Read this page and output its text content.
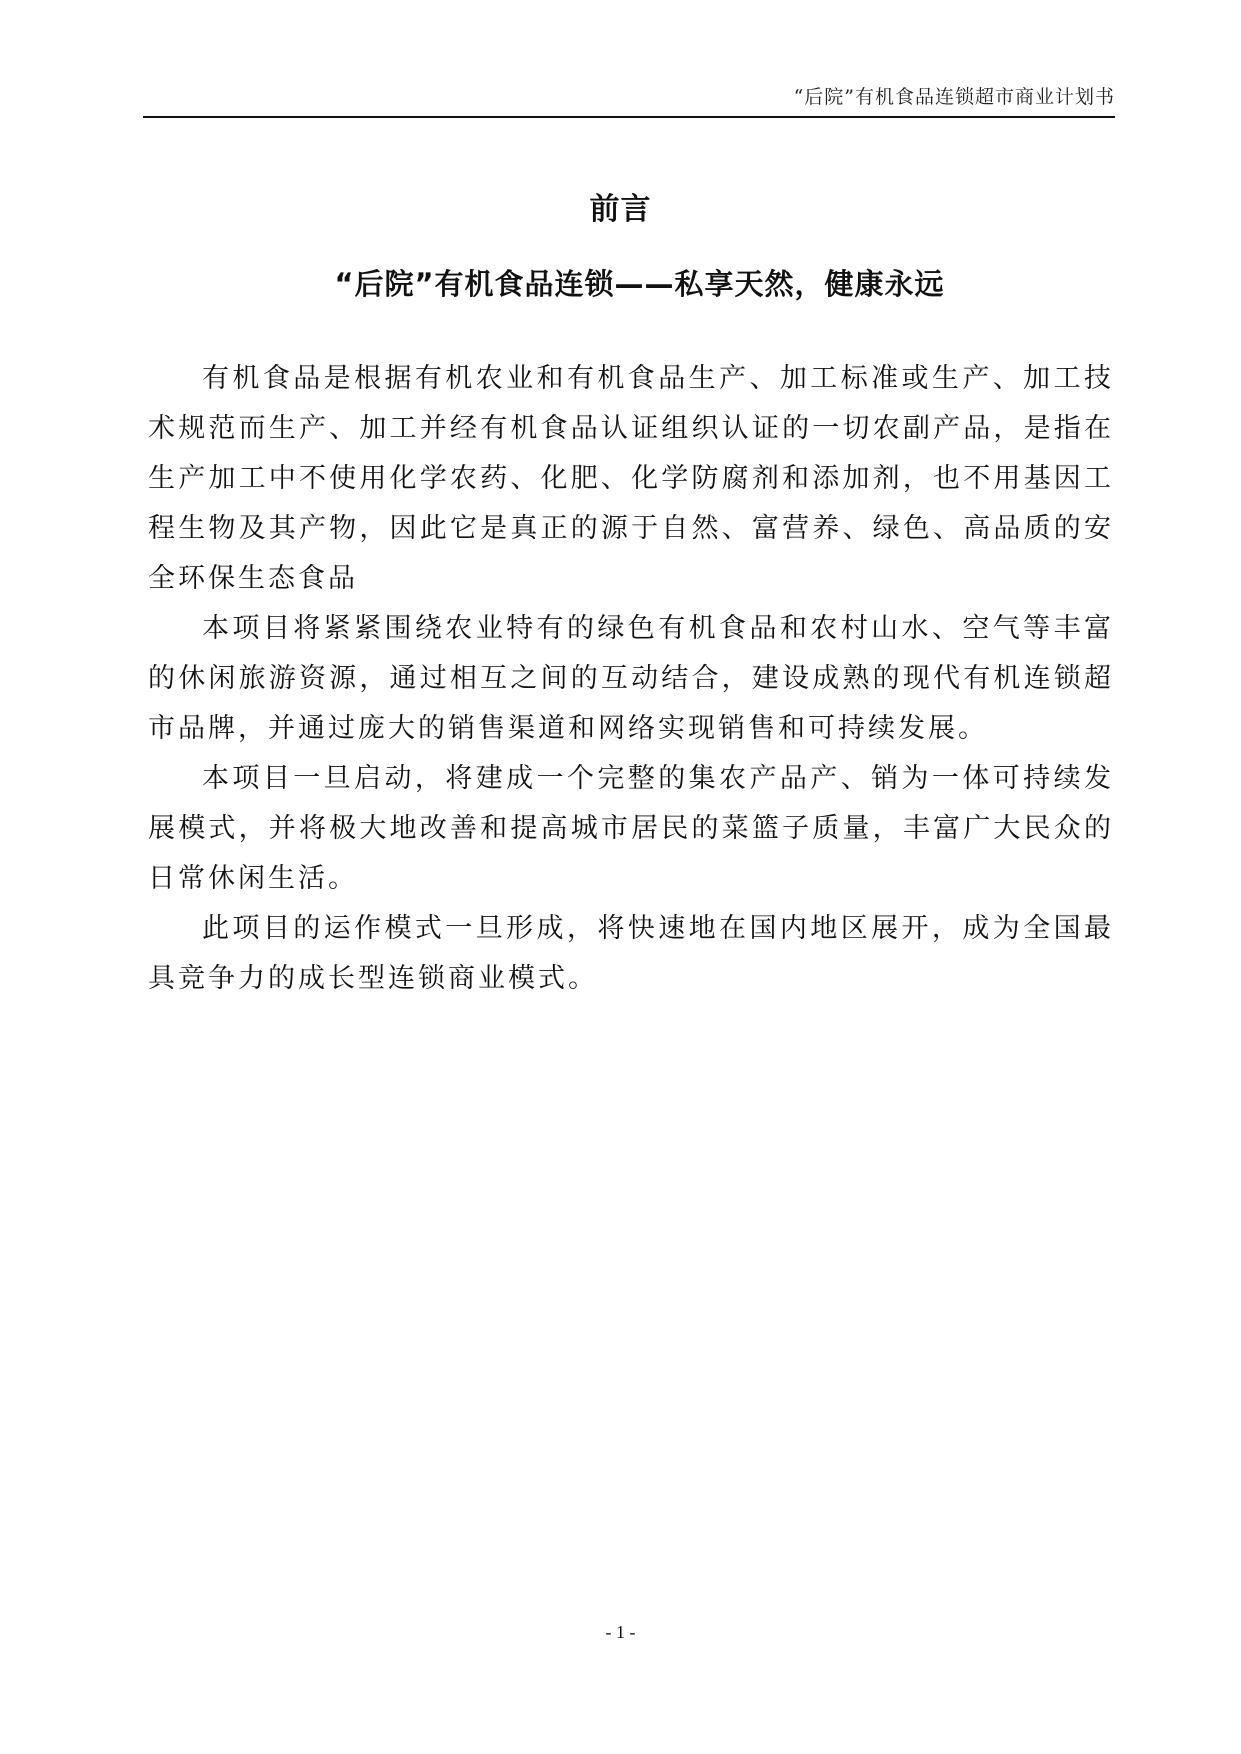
“后院”有机食品连锁超市商业计划书
前言
“后院”有机食品连锁——私享天然，健康永远

有机食品是根据有机农业和有机食品生产、加工标准或生产、加工技术规范而生产、加工并经有机食品认证组织认证的一切农副产品，是指在生产加工中不使用化学农药、化肥、化学防腐剂和添加剂，也不用基因工程生物及其产物，因此它是真正的源于自然、富营养、绿色、高品质的安全环保生态食品

本项目将紧紧围绕农业特有的绿色有机食品和农村山水、空气等丰富的休闲旅游资源，通过相互之间的互动结合，建设成熟的现代有机连锁超市品牌，并通过庞大的销售渠道和网络实现销售和可持续发展。

本项目一旦启动，将建成一个完整的集农产品产、销为一体可持续发展模式，并将极大地改善和提高城市居民的菜篮子质量，丰富广大民众的日常休闲生活。

此项目的运作模式一旦形成，将快速地在国内地区展开，成为全国最具竞争力的成长型连锁商业模式。

- 1 -
